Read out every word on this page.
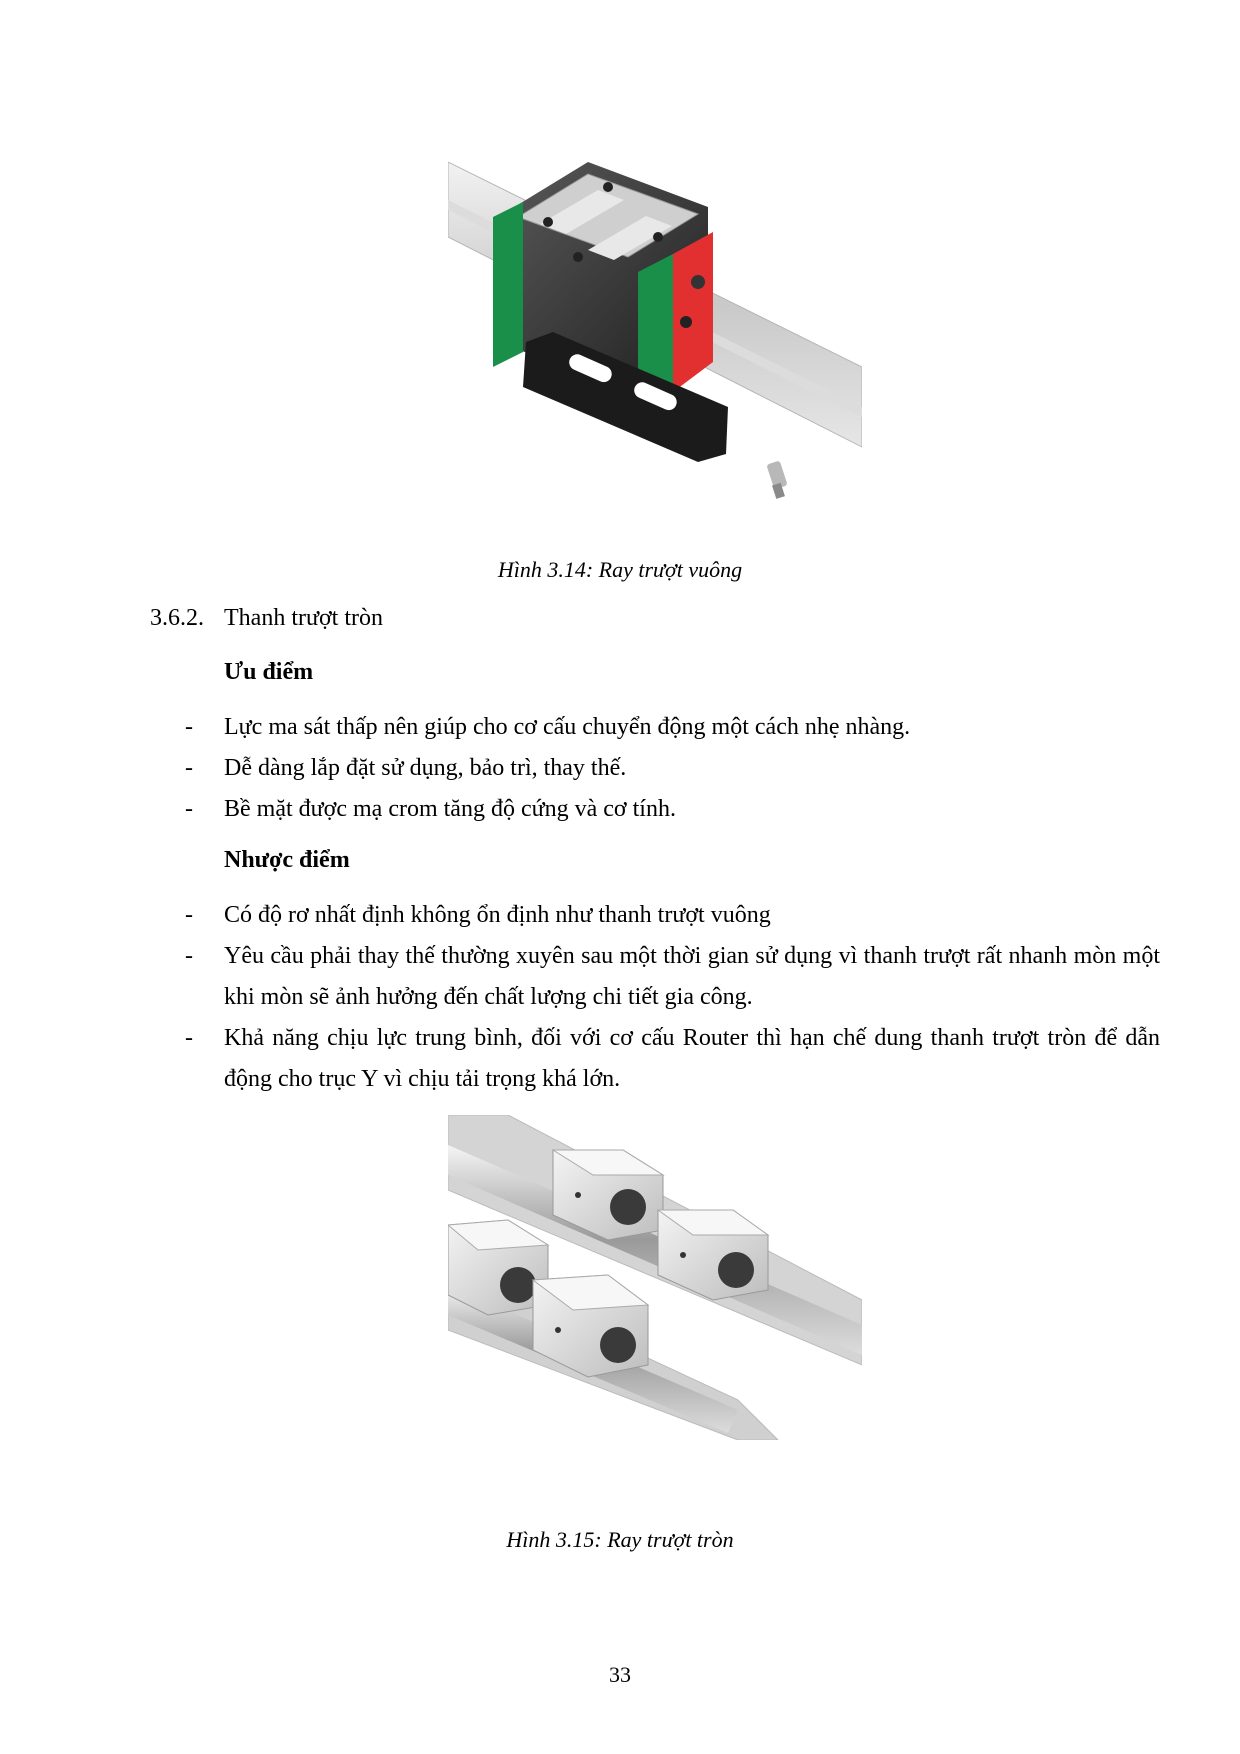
Hình 3.14: Ray trượt vuông
3.6.2. Thanh trượt tròn
Ưu điểm
- Lực ma sát thấp nên giúp cho cơ cấu chuyển động một cách nhẹ nhàng.
- Dễ dàng lắp đặt sử dụng, bảo trì, thay thế.
- Bề mặt được mạ crom tăng độ cứng và cơ tính.
Nhược điểm
- Có độ rơ nhất định không ổn định như thanh trượt vuông
- Yêu cầu phải thay thế thường xuyên sau một thời gian sử dụng vì thanh trượt rất nhanh mòn một khi mòn sẽ ảnh hưởng đến chất lượng chi tiết gia công.
- Khả năng chịu lực trung bình, đối với cơ cấu Router thì hạn chế dung thanh trượt tròn để dẫn động cho trục Y vì chịu tải trọng khá lớn.
Hình 3.15: Ray trượt tròn
33
